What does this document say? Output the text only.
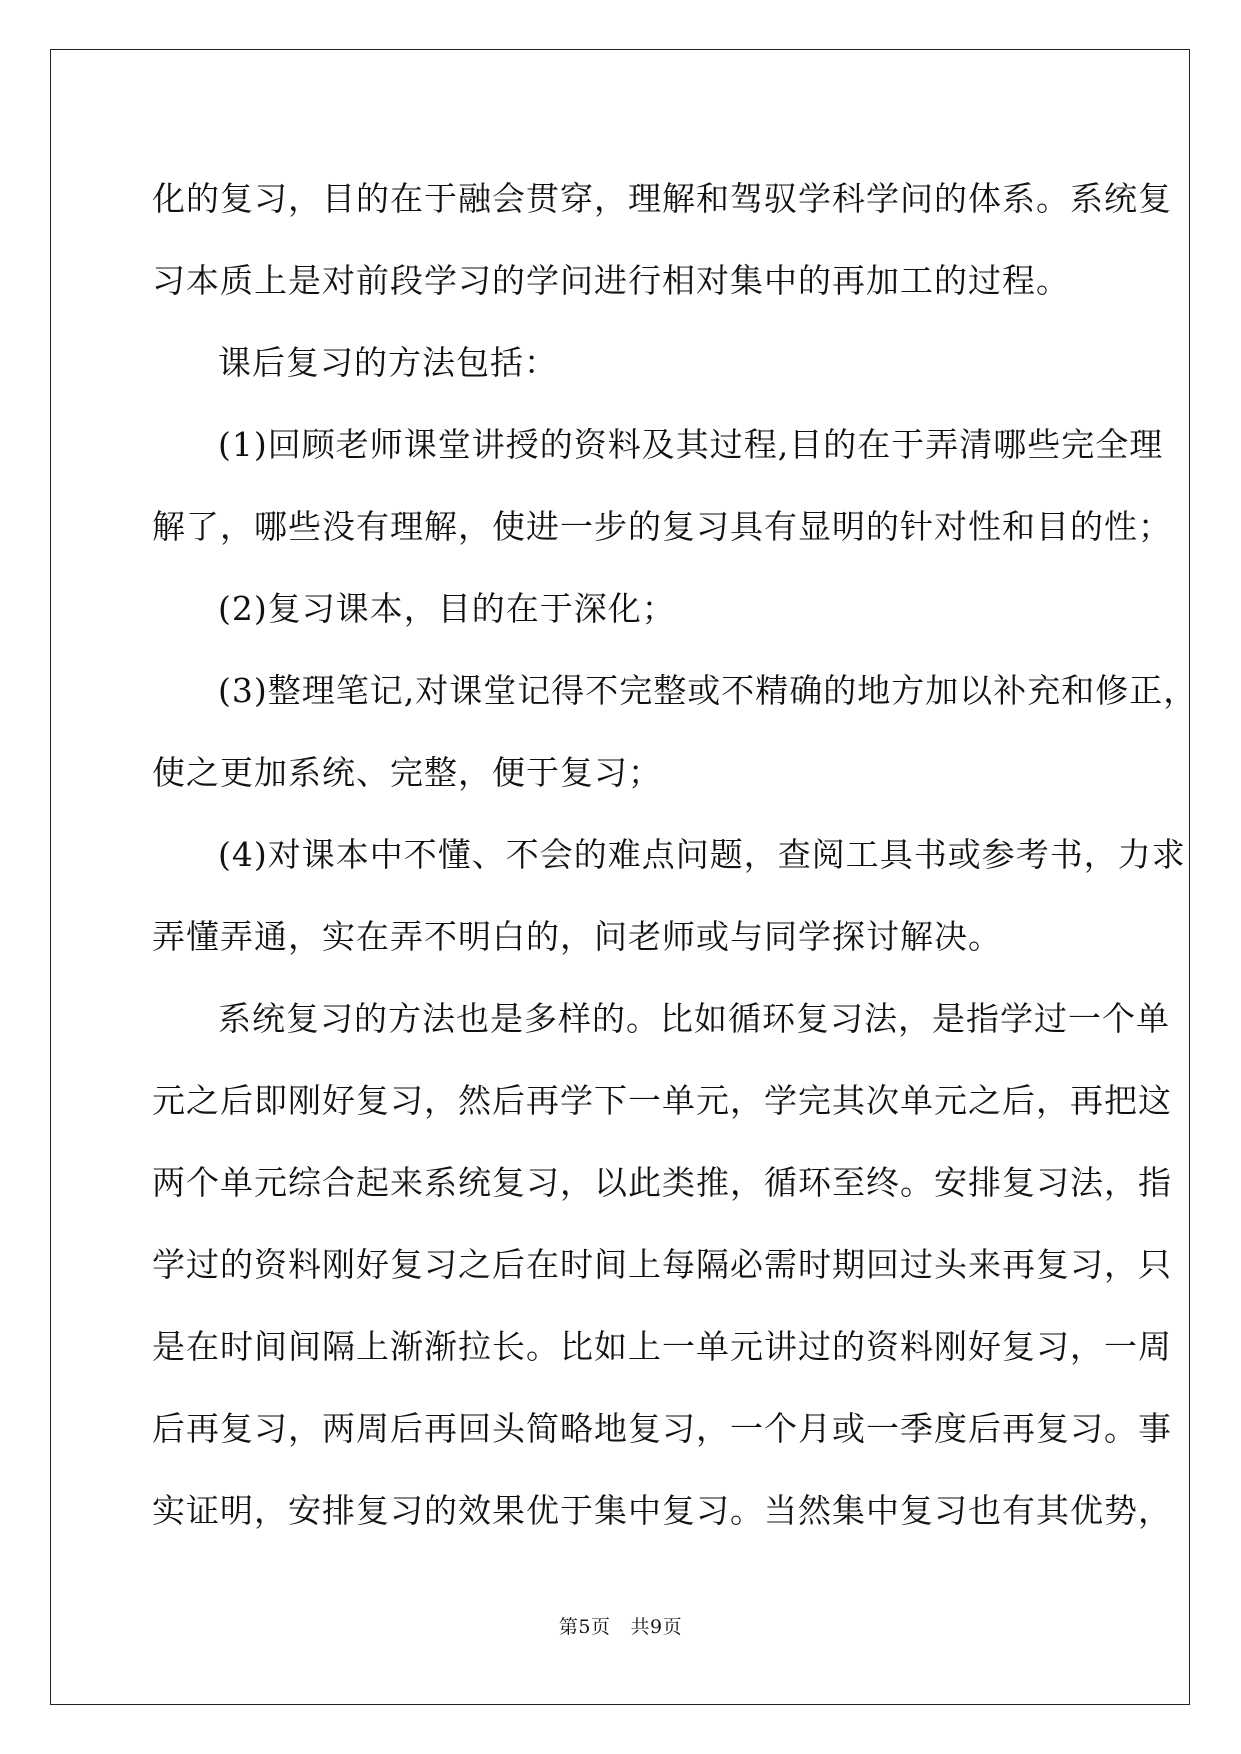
化的复习，目的在于融会贯穿，理解和驾驭学科学问的体系。系统复
习本质上是对前段学习的学问进行相对集中的再加工的过程。
课后复习的方法包括：
(1)回顾老师课堂讲授的资料及其过程,目的在于弄清哪些完全理
解了，哪些没有理解，使进一步的复习具有显明的针对性和目的性；
(2)复习课本，目的在于深化；
(3)整理笔记,对课堂记得不完整或不精确的地方加以补充和修正，
使之更加系统、完整，便于复习；
(4)对课本中不懂、不会的难点问题，查阅工具书或参考书，力求
弄懂弄通，实在弄不明白的，问老师或与同学探讨解决。
系统复习的方法也是多样的。比如循环复习法，是指学过一个单
元之后即刚好复习，然后再学下一单元，学完其次单元之后，再把这
两个单元综合起来系统复习，以此类推，循环至终。安排复习法，指
学过的资料刚好复习之后在时间上每隔必需时期回过头来再复习，只
是在时间间隔上渐渐拉长。比如上一单元讲过的资料刚好复习，一周
后再复习，两周后再回头简略地复习，一个月或一季度后再复习。事
实证明，安排复习的效果优于集中复习。当然集中复习也有其优势，
第5页 共9页
